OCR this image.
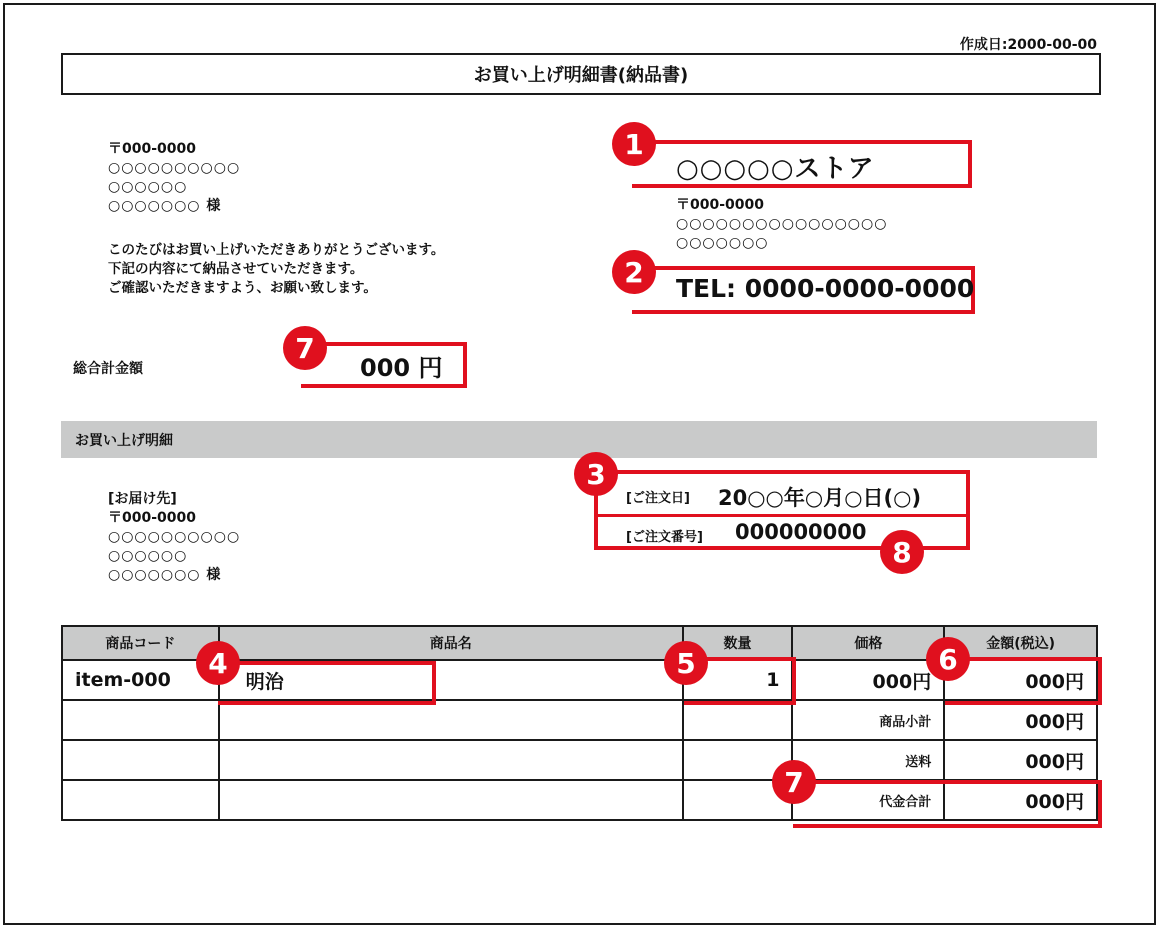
作成日:2000-00-00
お買い上げ明細書(納品書)
〒000-0000
○○○○○○○○○○
○○○○○○
○○○○○○○ 様
このたびはお買い上げいただきありがとうございます。
下記の内容にて納品させていただきます。
ご確認いただきますよう、お願い致します。
○○○○○ストア
1
〒000-0000
○○○○○○○○○○○○○○○○
○○○○○○○
TEL: 0000-0000-0000
2
総合計金額	000 円
7
お買い上げ明細
[お届け先]
〒000-0000
○○○○○○○○○○
○○○○○○
○○○○○○○ 様
[ご注文日] 20○○年○月○日(○)
[ご注文番号] 000000000
3
8
商品コード	商品名	数量	価格	金額(税込)
item-000	明治	1	000円	000円
			商品小計	000円
			送料	000円
			代金合計	000円
4	5	6
7
